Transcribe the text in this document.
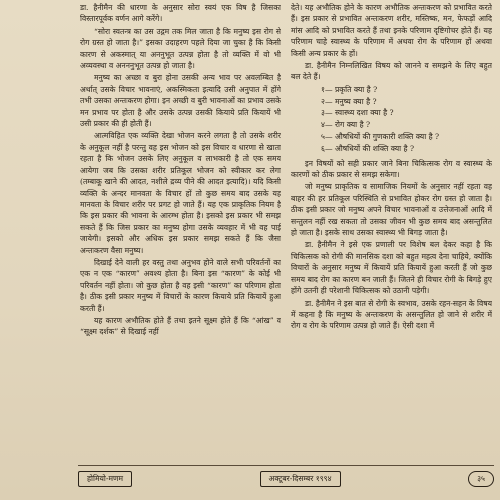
डा. हैनीमैन की धारणा के अनुसार सोरा स्वयं एक विष है जिसका विस्तारपूर्वक वर्णन आगे करेंगे।

“सोरा स्वतन्त्र का उस उद्गम तक मिल जाता है कि मनुष्य इस रोग से रोग ग्रस्त हो जाता है।” इसका उदाहरण पहले दिया जा चुका है कि किसी कारण से अकस्मात् या अननुभूत उत्पन्न होता है तो व्यक्ति में वो भी अव्यवस्था व अनननुभूत उत्पन्न हो जाता है।

मनुष्य का अच्छा व बुरा होना उसकी अन्य भाव पर अवलम्बित है अर्थात् उसके विचार भावनाएं, अकस्मिकता इत्यादि उसी अनुपात में होंगे तभी उसका अन्तःकरण होगा। इन अच्छी व बुरी भावनाओं का प्रभाव उसके मन प्रभाव पर होता है और उसके उत्पन्न उसकी कियाये प्रति कियायें भी उसी प्रकार की ही होती हैं।

आत्मविहित एक व्यक्ति देखा भोजन करने लगता है तो उसके शरीर के अनुकूल नहीं है परन्तु वह इस भोजन को इस विचार व धारणा से खाता रहता है कि भोजन उसके लिए अनुकूल व लाभकारी है तो एक समय आयेगा जब कि उसका शरीर प्रतिकूल भोजन को स्वीकार कर लेगा (तम्बाकू खाने की आदत, नशीले द्रव्य पीने की आदत इत्यादि)। यदि किसी व्यक्ति के अन्दर मानवता के विचार हों तो कुछ समय बाद उसके यह मानवता के विचार शरीर पर प्रगट हो जाते हैं। यह एक प्राकृतिक नियम है कि इस प्रकार की भावना के आरम्भ होता है। इसको इस प्रकार भी समझ सकते हैं कि जिस प्रकार का मनुष्य होगा उसके व्यवहार में भी वह पाई जायेगी। इसको और अधिक इस प्रकार समझ सकते हैं कि जैसा अन्तःकरण वैसा मनुष्य।

दिखाई देने वाली हर वस्तु तथा अनुभव होने वाले सभी परिवर्तनों का एक न एक “कारण” अवश्य होता है। बिना इस “कारण” के कोई भी परिवर्तन नहीं होता। जो कुछ होता है वह इसी “कारण” का परिणाम होता है। ठीक इसी प्रकार मनुष्य में विचारों के कारण कियाये प्रति कियायें हुआ करती हैं।

यह कारण अभौतिक होते हैं तथा इतने सूक्ष्म होते हैं कि “आंख” व “सूक्ष्म दर्शक” से दिखाई नहीं

देते। यह अभौतिक होने के कारण अभौतिक अन्तःकरण को प्रभावित करते हैं। इस प्रकार से प्रभावित अन्तःकरण शरीर, मस्तिष्क, मन, फेफड़ों आदि मांस आदि को प्रभावित करते हैं तथा इनके परिणाम दृष्टिगोचर होते हैं। यह परिणाम चाहे स्वास्थ्य के परिणाम में अथवा रोग के परिणाम हों अथवा किसी अन्य प्रकार के हों।

डा. हैनीमैन निम्नलिखित विषय को जानने व समझने के लिए बहुत बल देते हैं।

१— प्रकृति क्या है ?
२— मनुष्य क्या है ?
३— स्वास्थ्य दशा क्या है ?
४— रोग क्या है ?
५— औषधियों की गुणकारी शक्ति क्या है ?
६— औषधियों की शक्ति क्या है ?

इन विषयों को सही प्रकार जाने बिना चिकित्सक रोग व स्वास्थ्य के कारणों को ठीक प्रकार से समझ सकेगा।

जो मनुष्य प्राकृतिक व सामाजिक नियमों के अनुसार नहीं रहता वह बाहर की हर प्रतिकूल परिस्थिति से प्रभावित होकर रोग ग्रस्त हो जाता है। ठीक इसी प्रकार जो मनुष्य अपने विचार भावनाओं व उत्तेजनाओं आदि में सन्तुलन नहीं रख सकता तो उसका जीवन भी कुछ समय बाद असन्तुलित हो जाता है। इसके साथ उसका स्वास्थ्य भी बिगड़ जाता है।

डा. हैनीमैन ने इसे एक प्रणाली पर विशेष बल देकर कहा है कि चिकित्सक को रोगी की मानसिक दशा को बहुत महत्व देना चाहिये, क्योंकि विचारों के अनुसार मनुष्य में कियायें प्रति कियायें हुआ करती हैं जो कुछ समय बाद रोग का कारण बन जाती हैं। जितने ही विचार रोगी के बिगड़े हुए होंगे उतनी ही परेशानी चिकित्सक को उठानी पड़ेगी।

डा. हैनीमैन ने इस बात से रोगी के स्वभाव, उसके रहन-सहन के विषय में कहना है कि मनुष्य के अन्तःकरण के असन्तुलित हो जाने से शरीर में रोग व रोग के परिणाम उत्पन्न हो जाते हैं। ऐसी दशा में

होमियो-मणम	अक्टूबर-दिसम्बर १९९४	३५
